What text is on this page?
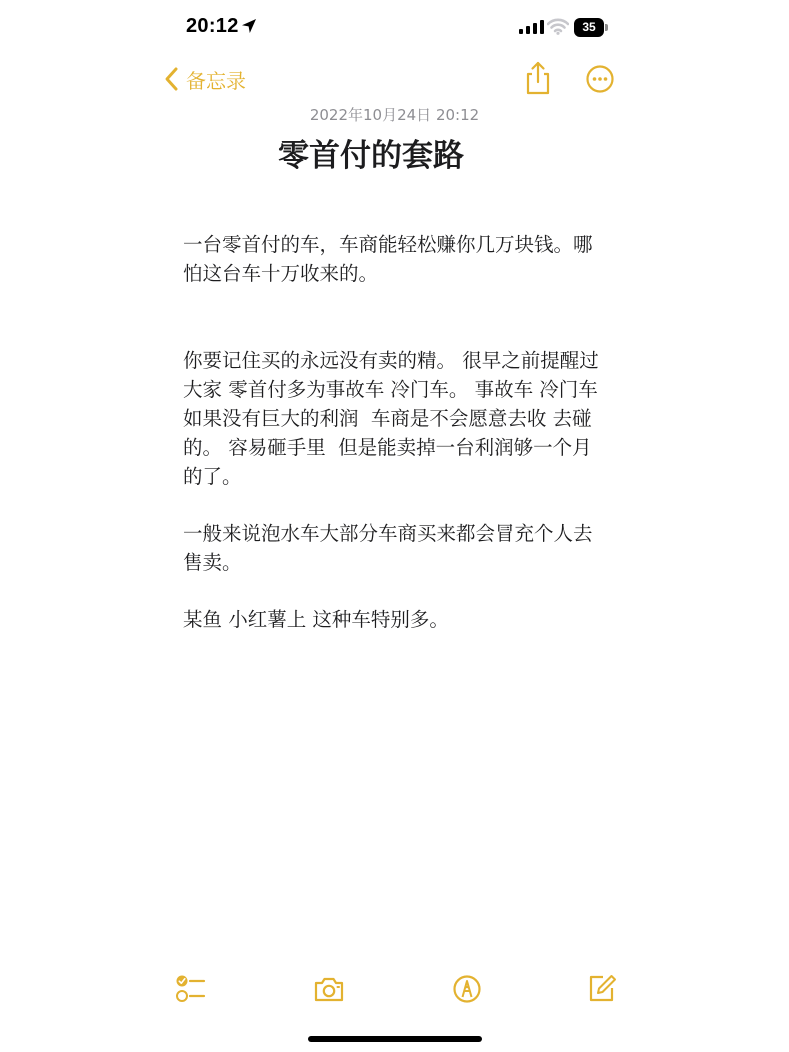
20:12	35
备忘录
2022年10月24日 20:12
零首付的套路

一台零首付的车，车商能轻松赚你几万块钱。哪怕这台车十万收来的。

你要记住买的永远没有卖的精。 很早之前提醒过大家 零首付多为事故车 冷门车。 事故车 冷门车如果没有巨大的利润  车商是不会愿意去收 去碰的。 容易砸手里  但是能卖掉一台利润够一个月的了。

一般来说泡水车大部分车商买来都会冒充个人去售卖。

某鱼 小红薯上 这种车特别多。
